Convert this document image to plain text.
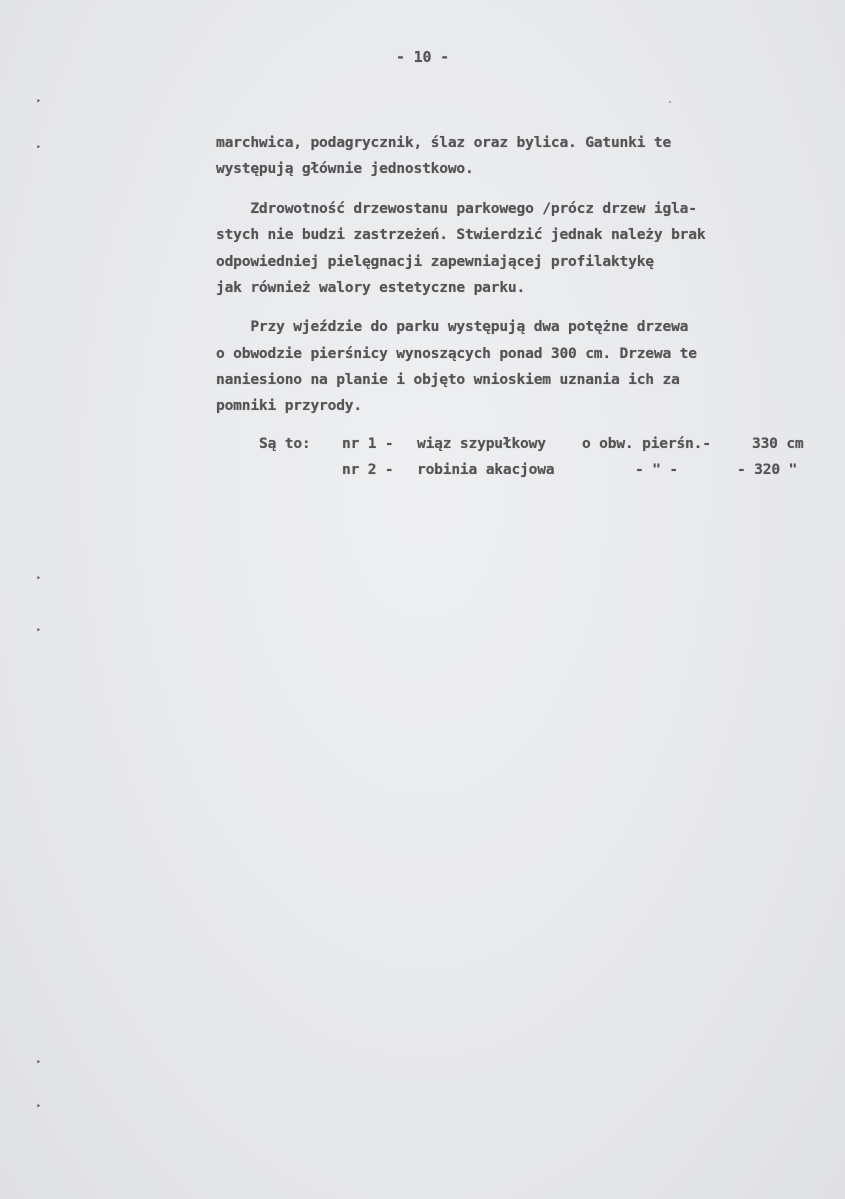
‣
‣
‣
‣
‣
‣
- 10 -
marchwica, podagrycznik, ślaz oraz bylica. Gatunki te
występują głównie jednostkowo.
Zdrowotność drzewostanu parkowego /prócz drzew igla-
stych nie budzi zastrzeżeń. Stwierdzić jednak należy brak
odpowiedniej pielęgnacji zapewniającej profilaktykę
jak również walory estetyczne parku.
Przy wjeździe do parku występują dwa potężne drzewa
o obwodzie pierśnicy wynoszących ponad 300 cm. Drzewa te
naniesiono na planie i objęto wnioskiem uznania ich za
pomniki przyrody.
Są to: nr 1 - wiąz szypułkowy o obw. pierśn.-	330 cm
nr 2 - robinia akacjowa	- " -	- 320 "
